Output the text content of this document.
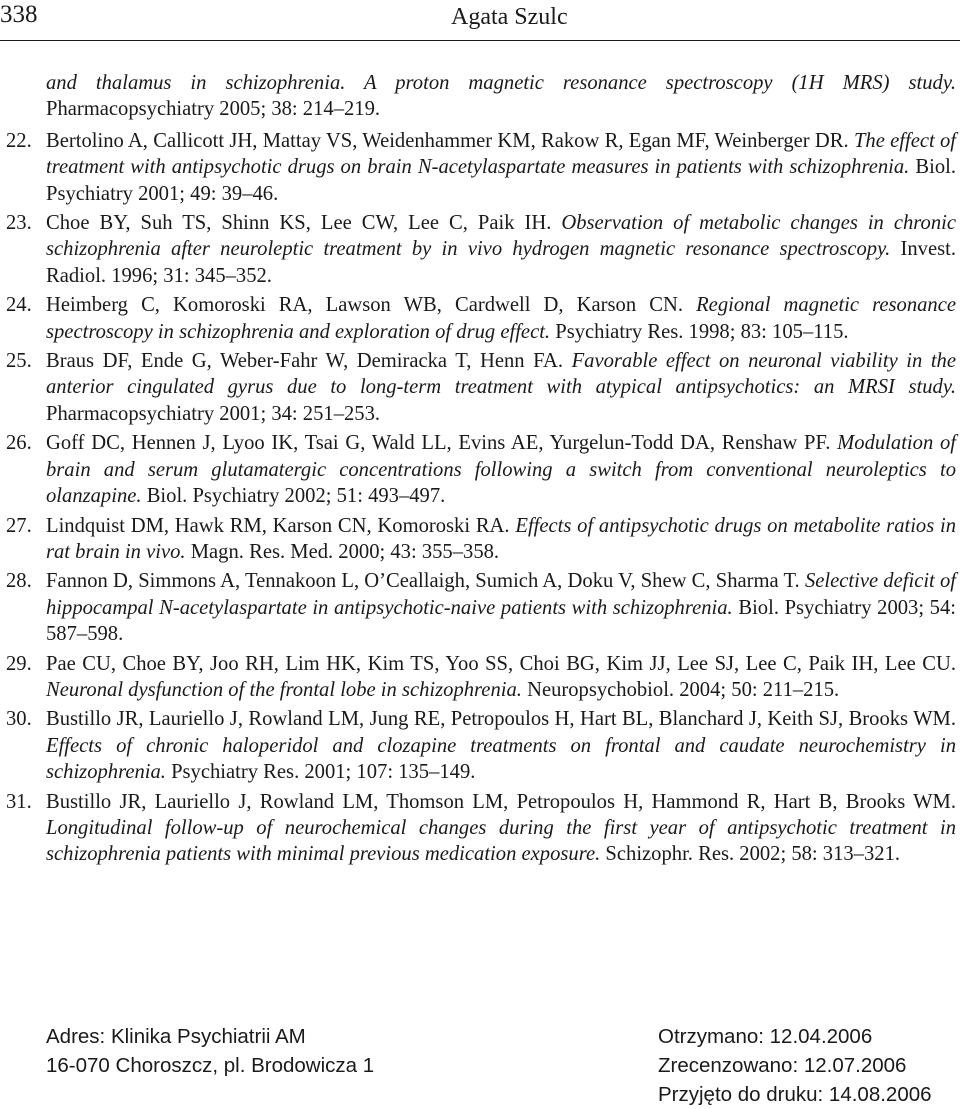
338	Agata Szulc
and thalamus in schizophrenia. A proton magnetic resonance spectroscopy (1H MRS) study. Pharmacopsychiatry 2005; 38: 214–219.
22. Bertolino A, Callicott JH, Mattay VS, Weidenhammer KM, Rakow R, Egan MF, Weinberger DR. The effect of treatment with antipsychotic drugs on brain N-acetylaspartate measures in patients with schizophrenia. Biol. Psychiatry 2001; 49: 39–46.
23. Choe BY, Suh TS, Shinn KS, Lee CW, Lee C, Paik IH. Observation of metabolic changes in chronic schizophrenia after neuroleptic treatment by in vivo hydrogen magnetic resonance spectroscopy. Invest. Radiol. 1996; 31: 345–352.
24. Heimberg C, Komoroski RA, Lawson WB, Cardwell D, Karson CN. Regional magnetic resonance spectroscopy in schizophrenia and exploration of drug effect. Psychiatry Res. 1998; 83: 105–115.
25. Braus DF, Ende G, Weber-Fahr W, Demiracka T, Henn FA. Favorable effect on neuronal viability in the anterior cingulated gyrus due to long-term treatment with atypical antipsychotics: an MRSI study. Pharmacopsychiatry 2001; 34: 251–253.
26. Goff DC, Hennen J, Lyoo IK, Tsai G, Wald LL, Evins AE, Yurgelun-Todd DA, Renshaw PF. Modulation of brain and serum glutamatergic concentrations following a switch from conventional neuroleptics to olanzapine. Biol. Psychiatry 2002; 51: 493–497.
27. Lindquist DM, Hawk RM, Karson CN, Komoroski RA. Effects of antipsychotic drugs on metabolite ratios in rat brain in vivo. Magn. Res. Med. 2000; 43: 355–358.
28. Fannon D, Simmons A, Tennakoon L, O’Ceallaigh, Sumich A, Doku V, Shew C, Sharma T. Selective deficit of hippocampal N-acetylaspartate in antipsychotic-naive patients with schizophrenia. Biol. Psychiatry 2003; 54: 587–598.
29. Pae CU, Choe BY, Joo RH, Lim HK, Kim TS, Yoo SS, Choi BG, Kim JJ, Lee SJ, Lee C, Paik IH, Lee CU. Neuronal dysfunction of the frontal lobe in schizophrenia. Neuropsychobiol. 2004; 50: 211–215.
30. Bustillo JR, Lauriello J, Rowland LM, Jung RE, Petropoulos H, Hart BL, Blanchard J, Keith SJ, Brooks WM. Effects of chronic haloperidol and clozapine treatments on frontal and caudate neurochemistry in schizophrenia. Psychiatry Res. 2001; 107: 135–149.
31. Bustillo JR, Lauriello J, Rowland LM, Thomson LM, Petropoulos H, Hammond R, Hart B, Brooks WM. Longitudinal follow-up of neurochemical changes during the first year of antipsychotic treatment in schizophrenia patients with minimal previous medication exposure. Schizophr. Res. 2002; 58: 313–321.
Adres: Klinika Psychiatrii AM
16-070 Choroszcz, pl. Brodowicza 1
Otrzymano: 12.04.2006
Zrecenzowano: 12.07.2006
Przyjęto do druku: 14.08.2006
